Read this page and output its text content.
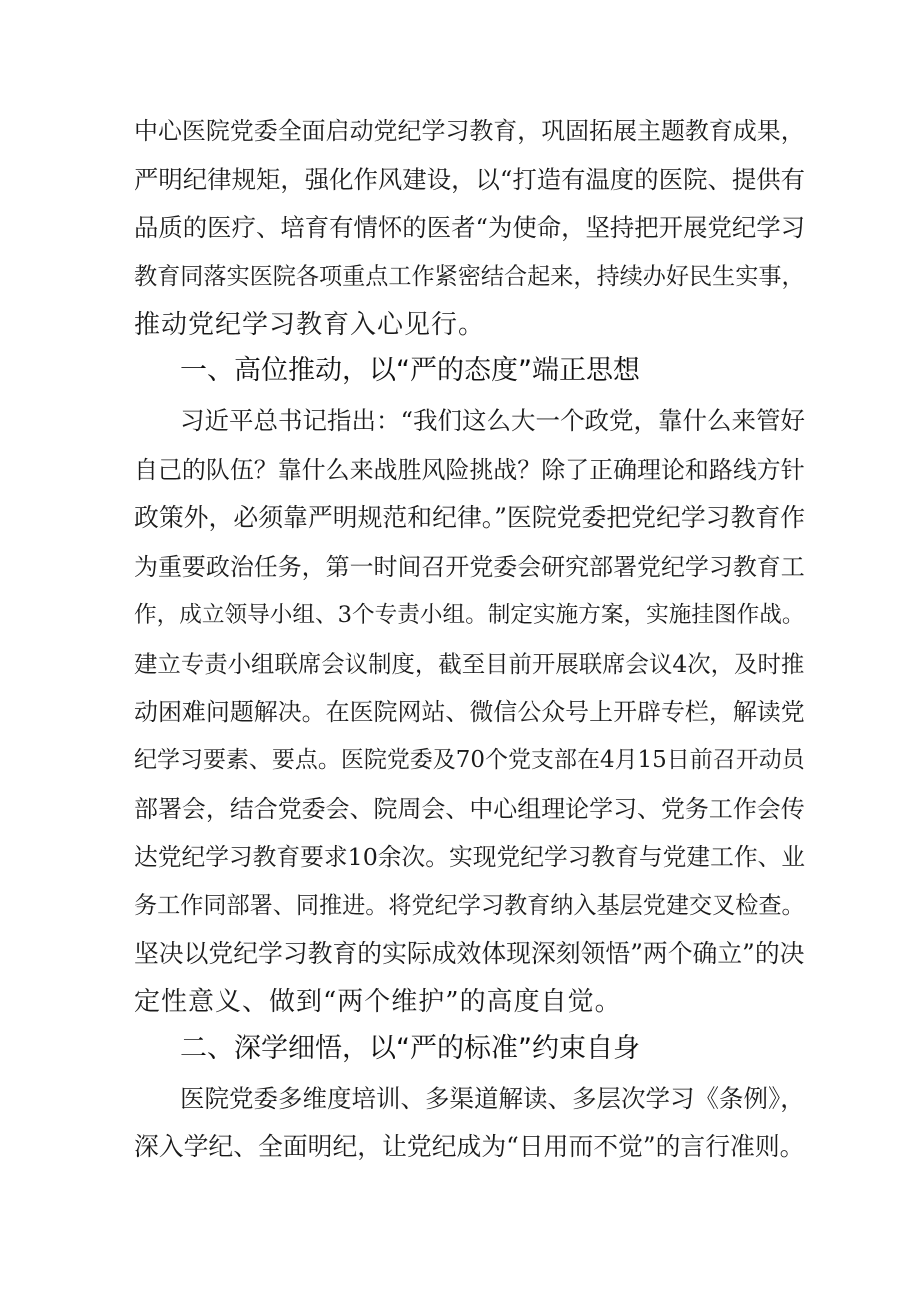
中心医院党委全面启动党纪学习教育，巩固拓展主题教育成果，
严明纪律规矩，强化作风建设，以“打造有温度的医院、提供有
品质的医疗、培育有情怀的医者“为使命，坚持把开展党纪学习
教育同落实医院各项重点工作紧密结合起来，持续办好民生实事，
推动党纪学习教育入心见行。
一、高位推动，以“严的态度”端正思想
习近平总书记指出：“我们这么大一个政党，靠什么来管好
自己的队伍？靠什么来战胜风险挑战？除了正确理论和路线方针
政策外，必须靠严明规范和纪律。”医院党委把党纪学习教育作
为重要政治任务，第一时间召开党委会研究部署党纪学习教育工
作，成立领导小组、3个专责小组。制定实施方案，实施挂图作战。
建立专责小组联席会议制度，截至目前开展联席会议4次，及时推
动困难问题解决。在医院网站、微信公众号上开辟专栏，解读党
纪学习要素、要点。医院党委及70个党支部在4月15日前召开动员
部署会，结合党委会、院周会、中心组理论学习、党务工作会传
达党纪学习教育要求10余次。实现党纪学习教育与党建工作、业
务工作同部署、同推进。将党纪学习教育纳入基层党建交叉检查。
坚决以党纪学习教育的实际成效体现深刻领悟”两个确立”的决
定性意义、做到“两个维护”的高度自觉。
二、深学细悟，以“严的标准”约束自身
医院党委多维度培训、多渠道解读、多层次学习《条例》，
深入学纪、全面明纪，让党纪成为“日用而不觉”的言行准则。
